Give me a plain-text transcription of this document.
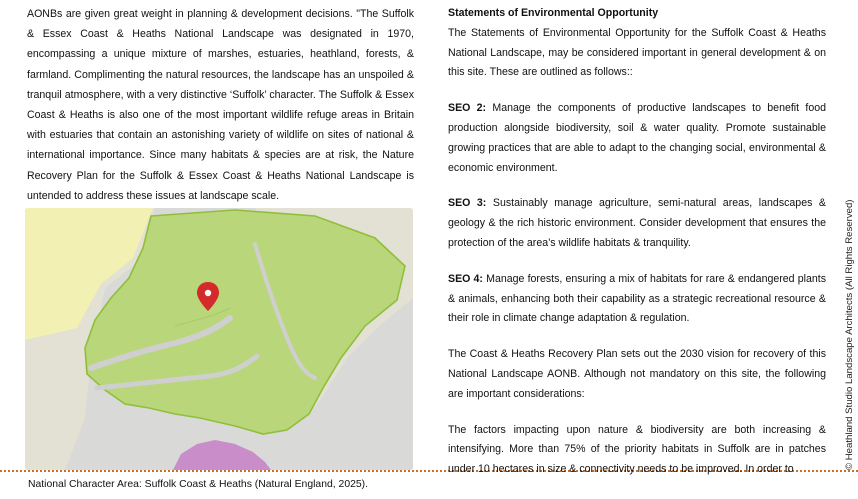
AONBs are given great weight in planning & development decisions. "The Suffolk & Essex Coast & Heaths National Landscape was designated in 1970, encompassing a unique mixture of marshes, estuaries, heathland, forests, & farmland. Complimenting the natural resources, the landscape has an unspoiled & tranquil atmosphere, with a very distinctive ‘Suffolk’ character. The Suffolk & Essex Coast & Heaths is also one of the most important wildlife refuge areas in Britain with estuaries that contain an astonishing variety of wildlife on sites of national & international importance. Since many habitats & species are at risk, the Nature Recovery Plan for the Suffolk & Essex Coast & Heaths National Landscape is untended to address these issues at landscape scale.
National Character Area: Suffolk Coast & Heaths (Natural England, 2025).

Statements of Environmental Opportunity

The Statements of Environmental Opportunity for the Suffolk Coast & Heaths National Landscape, may be considered important in general development & on this site. These are outlined as follows::

SEO 2: Manage the components of productive landscapes to benefit food production alongside biodiversity, soil & water quality. Promote sustainable growing practices that are able to adapt to the changing social, environmental & economic environment.

SEO 3: Sustainably manage agriculture, semi-natural areas, landscapes & geology & the rich historic environment. Consider development that ensures the protection of the area’s wildlife habitats & tranquility.

SEO 4: Manage forests, ensuring a mix of habitats for rare & endangered plants & animals, enhancing both their capability as a strategic recreational resource & their role in climate change adaptation & regulation.

The Coast & Heaths Recovery Plan sets out the 2030 vision for recovery of this National Landscape AONB. Although not mandatory on this site, the following are important considerations:

The factors impacting upon nature & biodiversity are both increasing & intensifying. More than 75% of the priority habitats in Suffolk are in patches under 10 hectares in size & connectivity needs to be improved. In order to	© Heathland Studio Landscape Architects (All Rights Reserved)
